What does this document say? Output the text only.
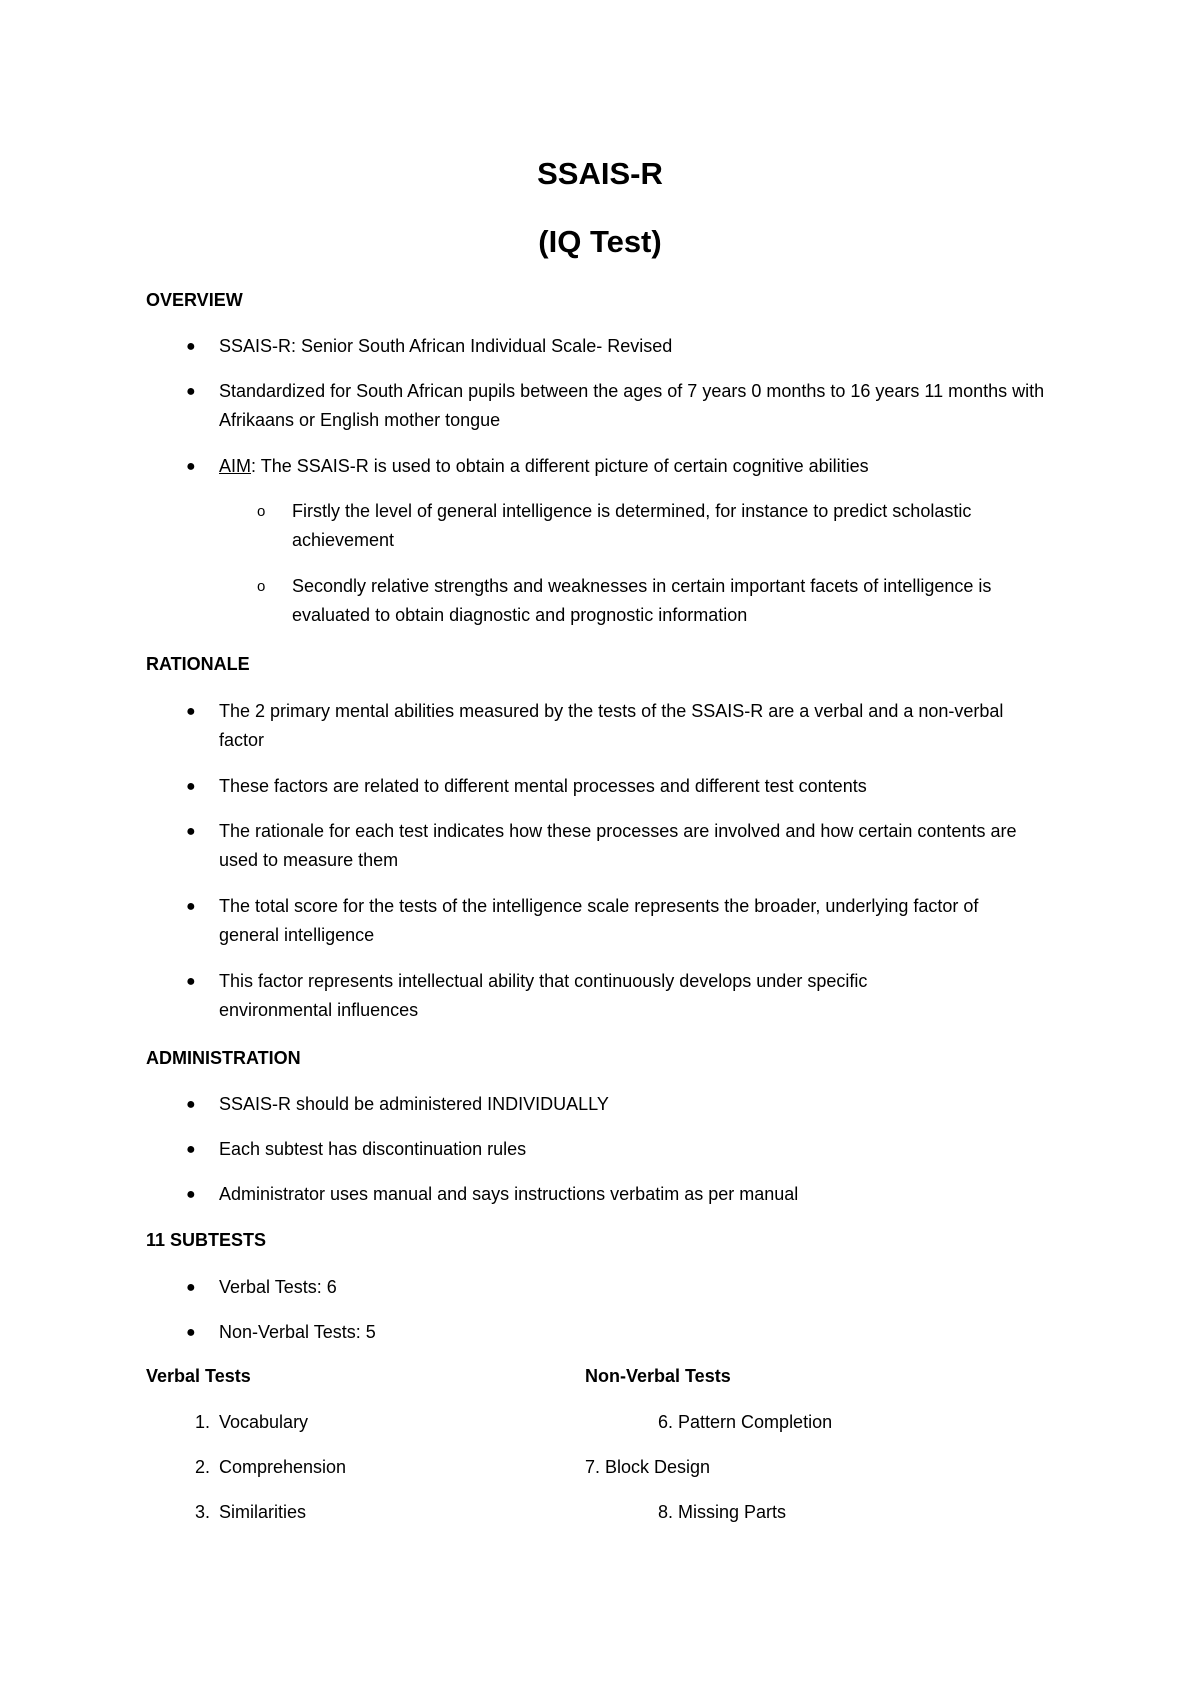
SSAIS-R
(IQ Test)
OVERVIEW
● SSAIS-R: Senior South African Individual Scale- Revised
● Standardized for South African pupils between the ages of 7 years 0 months to 16 years 11 months with Afrikaans or English mother tongue
● AIM: The SSAIS-R is used to obtain a different picture of certain cognitive abilities
o Firstly the level of general intelligence is determined, for instance to predict scholastic achievement
o Secondly relative strengths and weaknesses in certain important facets of intelligence is evaluated to obtain diagnostic and prognostic information
RATIONALE
● The 2 primary mental abilities measured by the tests of the SSAIS-R are a verbal and a non-verbal factor
● These factors are related to different mental processes and different test contents
● The rationale for each test indicates how these processes are involved and how certain contents are used to measure them
● The total score for the tests of the intelligence scale represents the broader, underlying factor of general intelligence
● This factor represents intellectual ability that continuously develops under specific environmental influences
ADMINISTRATION
● SSAIS-R should be administered INDIVIDUALLY
● Each subtest has discontinuation rules
● Administrator uses manual and says instructions verbatim as per manual
11 SUBTESTS
● Verbal Tests: 6
● Non-Verbal Tests: 5
Verbal Tests	Non-Verbal Tests
1. Vocabulary	6. Pattern Completion
2. Comprehension	7. Block Design
3. Similarities	8. Missing Parts
